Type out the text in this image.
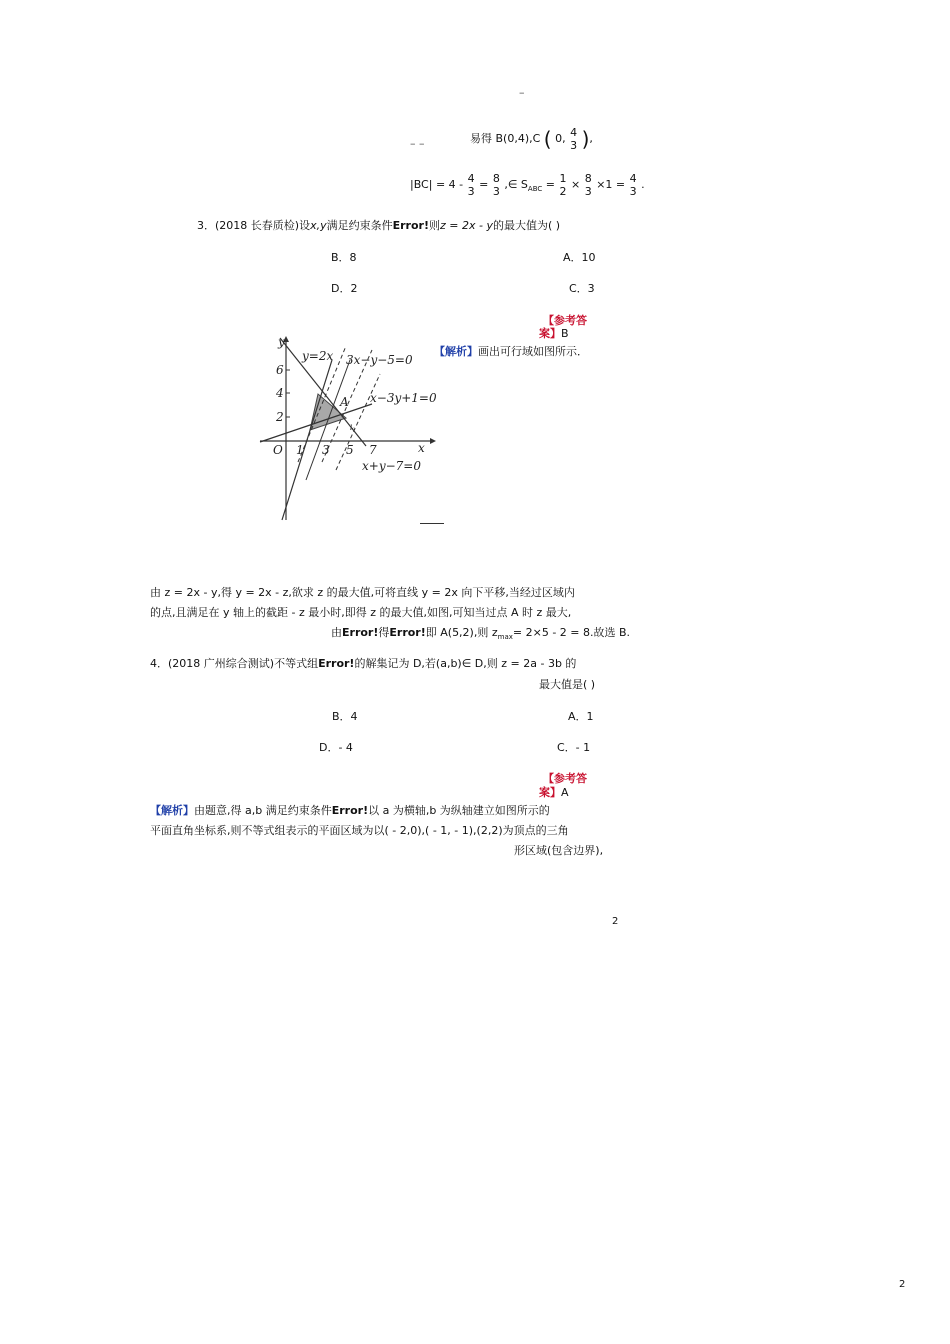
–
– –	易得 B(0,4),C ( 0, 4
3 ),
|BC| = 4 - 4
3
= 8
3
,∈ $S_{ABC} = 1$
2
× 8
3
×1 = 4
3
.
3．(2018 长春质检)设x,y满足约束条件Error!则z = 2x - y的最大值为( )
B．8	A．10
D．2	C．3
【参考答
案】B
【解析】画出可行域如图所示．
y
x
O
y=2x 3x−y−5=0
x−3y+1=0
x+y−7=0
A
l₀
6
4
2
1 3 5 7
由 z = 2x - y,得 y = 2x - z,欲求 z 的最大值,可将直线 y = 2x 向下平移,当经过区域内
的点,且满足在 y 轴上的截距 - z 最小时,即得 z 的最大值,如图,可知当过点 A 时 z 最大,
由Error!得Error!即 A(5,2),则 $z_{max}= 2\times 5 - 2 = 8$.故选 B.
4．(2018 广州综合测试)不等式组Error!的解集记为 D,若(a,b)∈ D,则 z = 2a - 3b 的
最大值是( )
B．4	A．1
D．- 4	C．- 1
【参考答
案】A
【解析】由题意,得 a,b 满足约束条件Error!以 a 为横轴,b 为纵轴建立如图所示的
平面直角坐标系,则不等式组表示的平面区域为以( - 2,0),( - 1, - 1),(2,2)为顶点的三角
形区域(包含边界),
2
2
